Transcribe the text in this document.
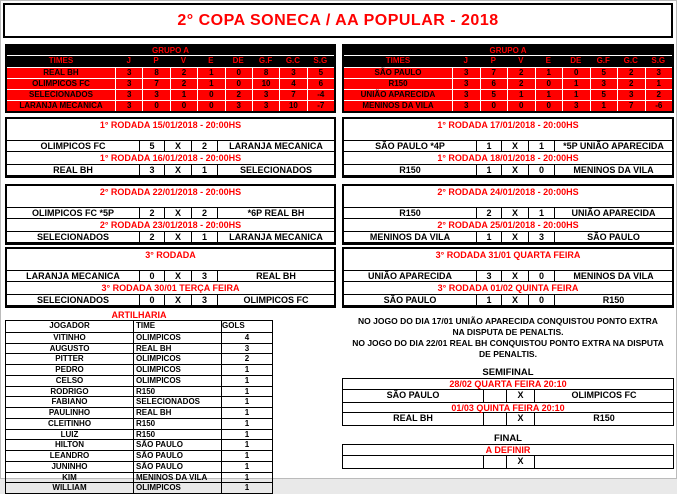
2° COPA SONECA / AA POPULAR - 2018
GRUPO A
TIMES	J	P	V	E	DE	G.F	G.C	S.G
REAL BH	3	8	2	1	0	8	3	5
OLIMPICOS FC	3	7	2	1	0	10	4	6
SELECIONADOS	3	3	1	0	2	3	7	-4
LARANJA MECANICA	3	0	0	0	3	3	10	-7
1° RODADA 15/01/2018 - 20:00HS
OLIMPICOS FC	5	X	2	LARANJA MECANICA
1° RODADA 16/01/2018 - 20:00HS
REAL BH	3	X	1	SELECIONADOS
2° RODADA 22/01/2018 - 20:00HS
OLIMPICOS FC *5P	2	X	2	*6P REAL BH
2° RODADA 23/01/2018 - 20:00HS
SELECIONADOS	2	X	1	LARANJA MECANICA
3° RODADA
LARANJA MECANICA	0	X	3	REAL BH
3° RODADA 30/01 TERÇA FEIRA
SELECIONADOS	0	X	3	OLIMPICOS FC
ARTILHARIA
JOGADOR	TIME	GOLS
VITINHO	OLIMPICOS	4
AUGUSTO	REAL BH	3
PITTER	OLIMPICOS	2
PEDRO	OLIMPICOS	1
CELSO	OLIMPICOS	1
RODRIGO	R150	1
FABIANO	SELECIONADOS	1
PAULINHO	REAL BH	1
CLEITINHO	R150	1
LUIZ	R150	1
HILTON	SÃO PAULO	1
LEANDRO	SÃO PAULO	1
JUNINHO	SÃO PAULO	1
KIM	MENINOS DA VILA	1
WILLIAM	OLIMPICOS	1
GRUPO A
TIMES	J	P	V	E	DE	G.F	G.C	S.G
SÃO PAULO	3	7	2	1	0	5	2	3
R150	3	6	2	0	1	3	2	1
UNIÃO APARECIDA	3	5	1	1	1	5	3	2
MENINOS DA VILA	3	0	0	0	3	1	7	-6
1° RODADA 17/01/2018 - 20:00HS
SÃO PAULO *4P	1	X	1	*5P UNIÃO APARECIDA
1° RODADA 18/01/2018 - 20:00HS
R150	1	X	0	MENINOS DA VILA
2° RODADA 24/01/2018 - 20:00HS
R150	2	X	1	UNIÃO APARECIDA
2° RODADA 25/01/2018 - 20:00HS
MENINOS DA VILA	1	X	3	SÃO PAULO
3° RODADA 31/01 QUARTA FEIRA
UNIÃO APARECIDA	3	X	0	MENINOS DA VILA
3° RODADA 01/02 QUINTA FEIRA
SÃO PAULO	1	X	0	R150
NO JOGO DO DIA 17/01 UNIÃO APARECIDA CONQUISTOU PONTO EXTRA
NA DISPUTA DE PENALTIS.
NO JOGO DO DIA 22/01 REAL BH CONQUISTOU PONTO EXTRA NA DISPUTA
DE PENALTIS.
SEMIFINAL
28/02 QUARTA FEIRA 20:10
SÃO PAULO	X	OLIMPICOS FC
01/03 QUINTA FEIRA 20:10
REAL BH	X	R150
FINAL
A DEFINIR
X
